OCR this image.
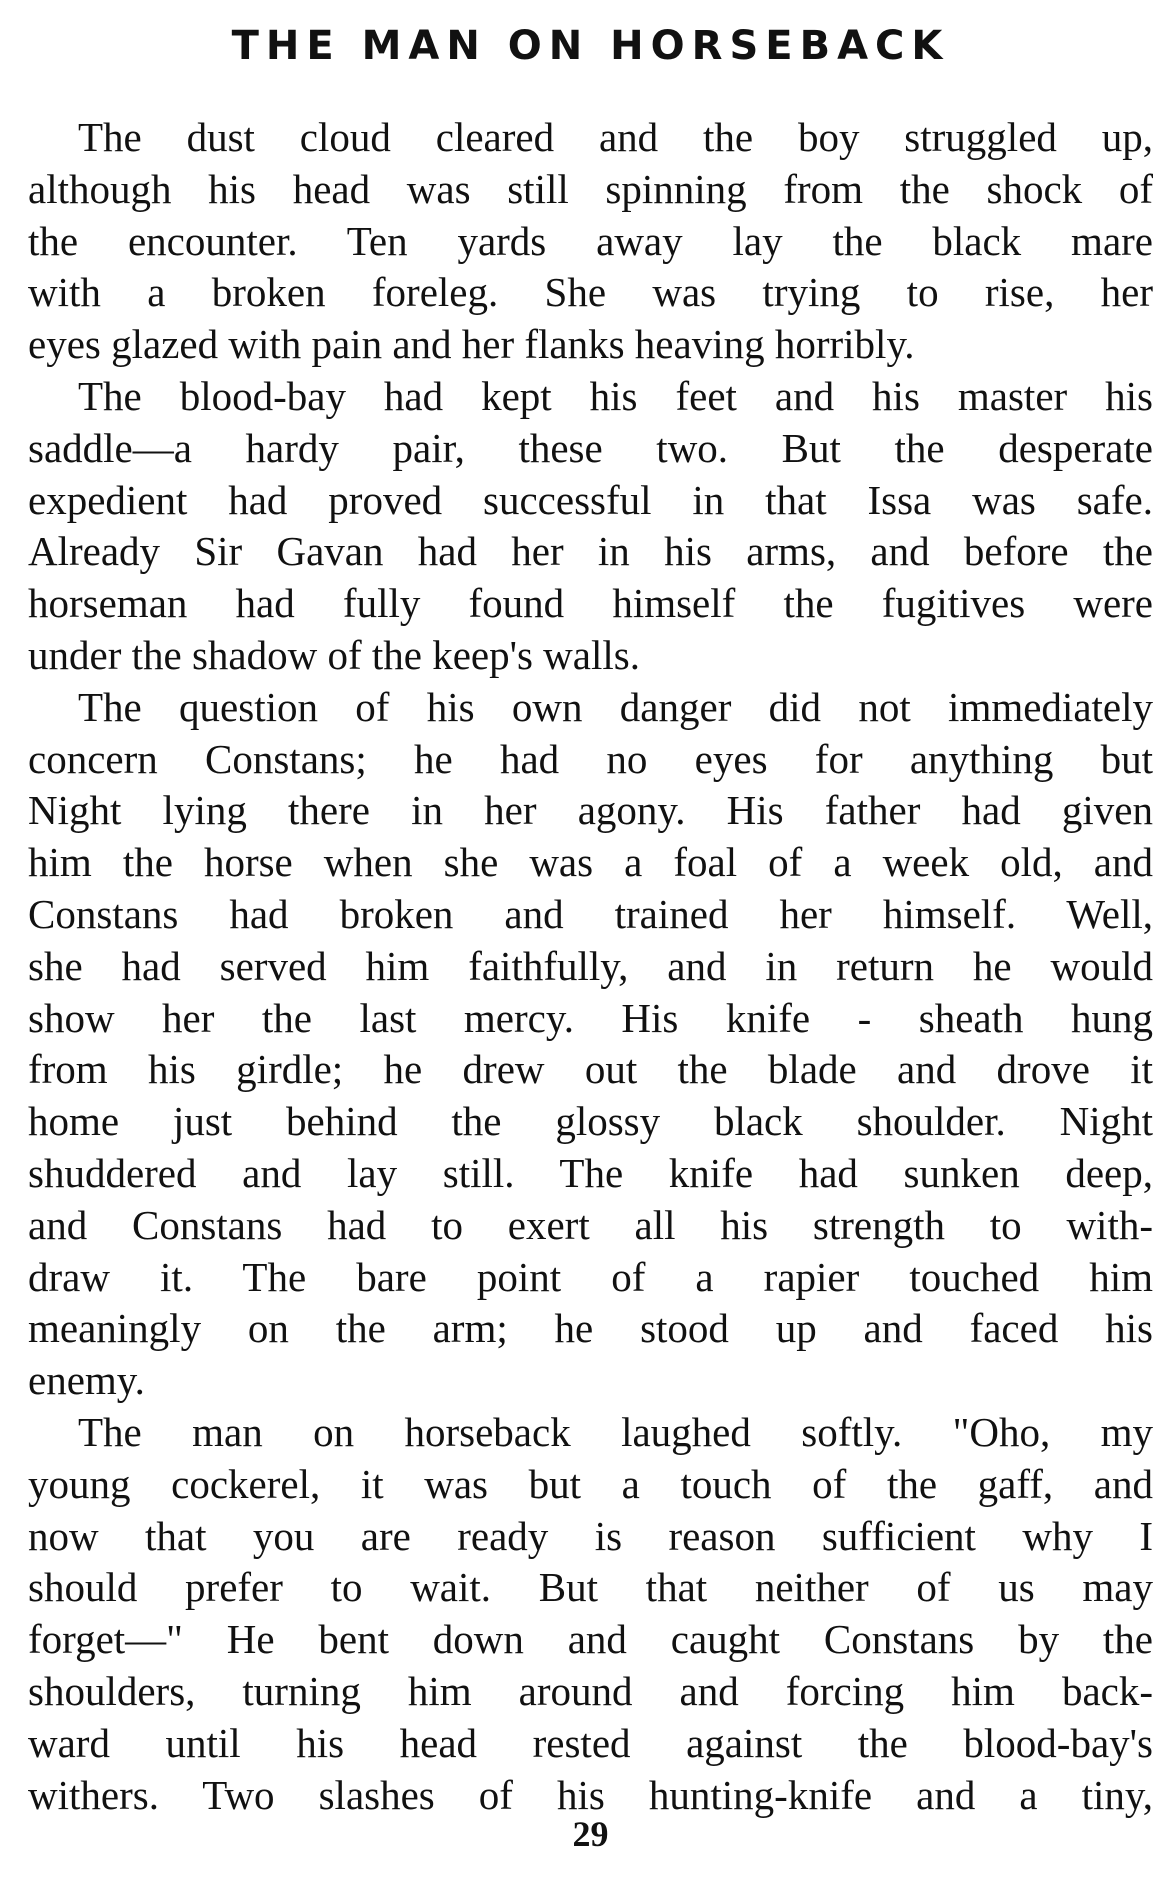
THE MAN ON HORSEBACK
The dust cloud cleared and the boy struggled up,
although his head was still spinning from the shock of
the encounter. Ten yards away lay the black mare
with a broken foreleg. She was trying to rise, her
eyes glazed with pain and her flanks heaving horribly.
The blood-bay had kept his feet and his master his
saddle—a hardy pair, these two. But the desperate
expedient had proved successful in that Issa was safe.
Already Sir Gavan had her in his arms, and before the
horseman had fully found himself the fugitives were
under the shadow of the keep's walls.
The question of his own danger did not immediately
concern Constans; he had no eyes for anything but
Night lying there in her agony. His father had given
him the horse when she was a foal of a week old, and
Constans had broken and trained her himself. Well,
she had served him faithfully, and in return he would
show her the last mercy. His knife - sheath hung
from his girdle; he drew out the blade and drove it
home just behind the glossy black shoulder. Night
shuddered and lay still. The knife had sunken deep,
and Constans had to exert all his strength to with-
draw it. The bare point of a rapier touched him
meaningly on the arm; he stood up and faced his
enemy.
The man on horseback laughed softly. "Oho, my
young cockerel, it was but a touch of the gaff, and
now that you are ready is reason sufficient why I
should prefer to wait. But that neither of us may
forget—" He bent down and caught Constans by the
shoulders, turning him around and forcing him back-
ward until his head rested against the blood-bay's
withers. Two slashes of his hunting-knife and a tiny,
29
